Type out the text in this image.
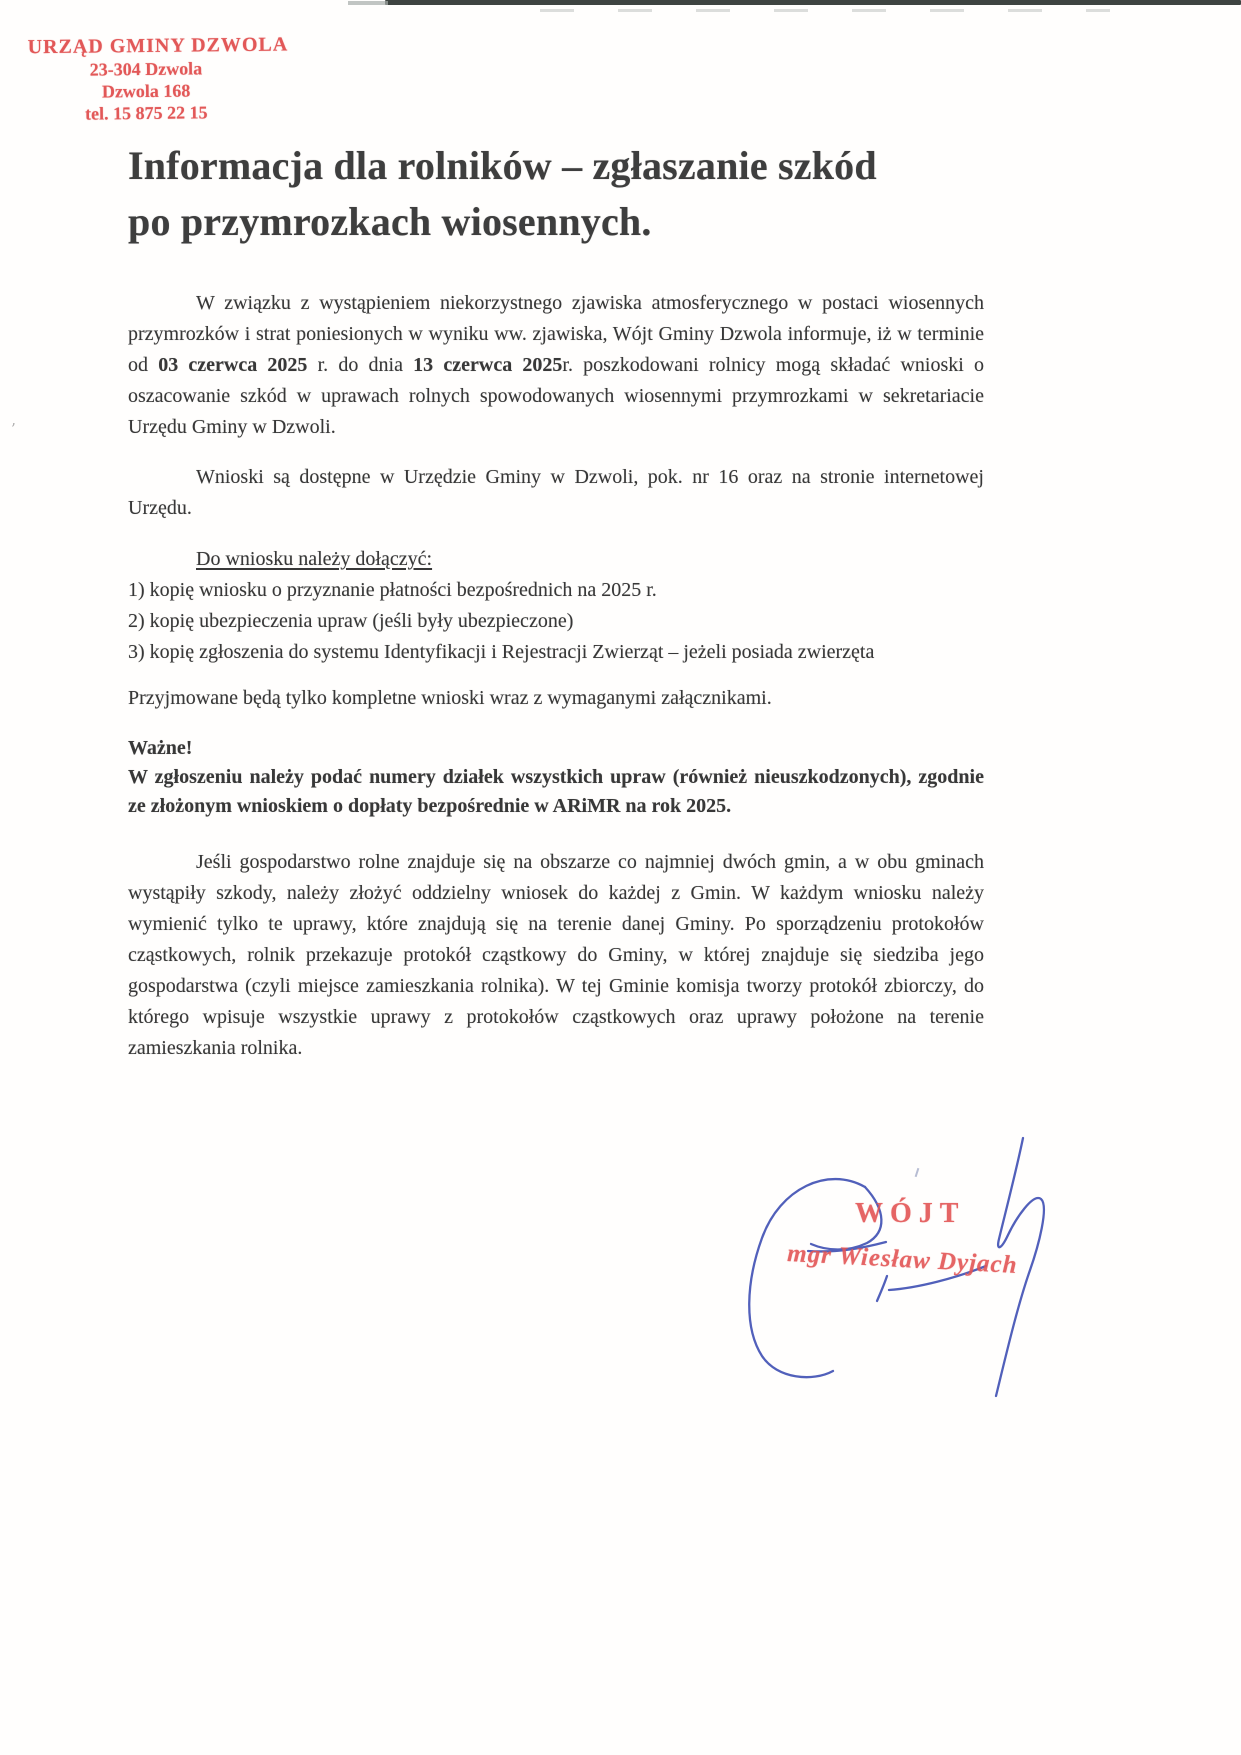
’
URZĄD GMINY DZWOLA
23-304 Dzwola
Dzwola 168
tel. 15 875 22 15
Informacja dla rolników – zgłaszanie szkód
po przymrozkach wiosennych.

W związku z wystąpieniem niekorzystnego zjawiska atmosferycznego w postaci wiosennych przymrozków i strat poniesionych w wyniku ww. zjawiska, Wójt Gminy Dzwola informuje, iż w terminie od 03 czerwca 2025 r. do dnia 13 czerwca 2025r. poszkodowani rolnicy mogą składać wnioski o oszacowanie szkód w uprawach rolnych spowodowanych wiosennymi przymrozkami w sekretariacie Urzędu Gminy w Dzwoli.

Wnioski są dostępne w Urzędzie Gminy w Dzwoli, pok. nr 16 oraz na stronie internetowej Urzędu.

Do wniosku należy dołączyć:

1) kopię wniosku o przyznanie płatności bezpośrednich na 2025 r.

2) kopię ubezpieczenia upraw (jeśli były ubezpieczone)

3) kopię zgłoszenia do systemu Identyfikacji i Rejestracji Zwierząt – jeżeli posiada zwierzęta

Przyjmowane będą tylko kompletne wnioski wraz z wymaganymi załącznikami.

Ważne!
W zgłoszeniu należy podać numery działek wszystkich upraw (również nieuszkodzonych), zgodnie ze złożonym wnioskiem o dopłaty bezpośrednie w ARiMR na rok 2025.

Jeśli gospodarstwo rolne znajduje się na obszarze co najmniej dwóch gmin, a w obu gminach wystąpiły szkody, należy złożyć oddzielny wniosek do każdej z Gmin. W każdym wniosku należy wymienić tylko te uprawy, które znajdują się na terenie danej Gminy. Po sporządzeniu protokołów cząstkowych, rolnik przekazuje protokół cząstkowy do Gminy, w której znajduje się siedziba jego gospodarstwa (czyli miejsce zamieszkania rolnika). W tej Gminie komisja tworzy protokół zbiorczy, do którego wpisuje wszystkie uprawy z protokołów cząstkowych oraz uprawy położone na terenie zamieszkania rolnika.

WÓJT
mgr Wiesław Dyjach
